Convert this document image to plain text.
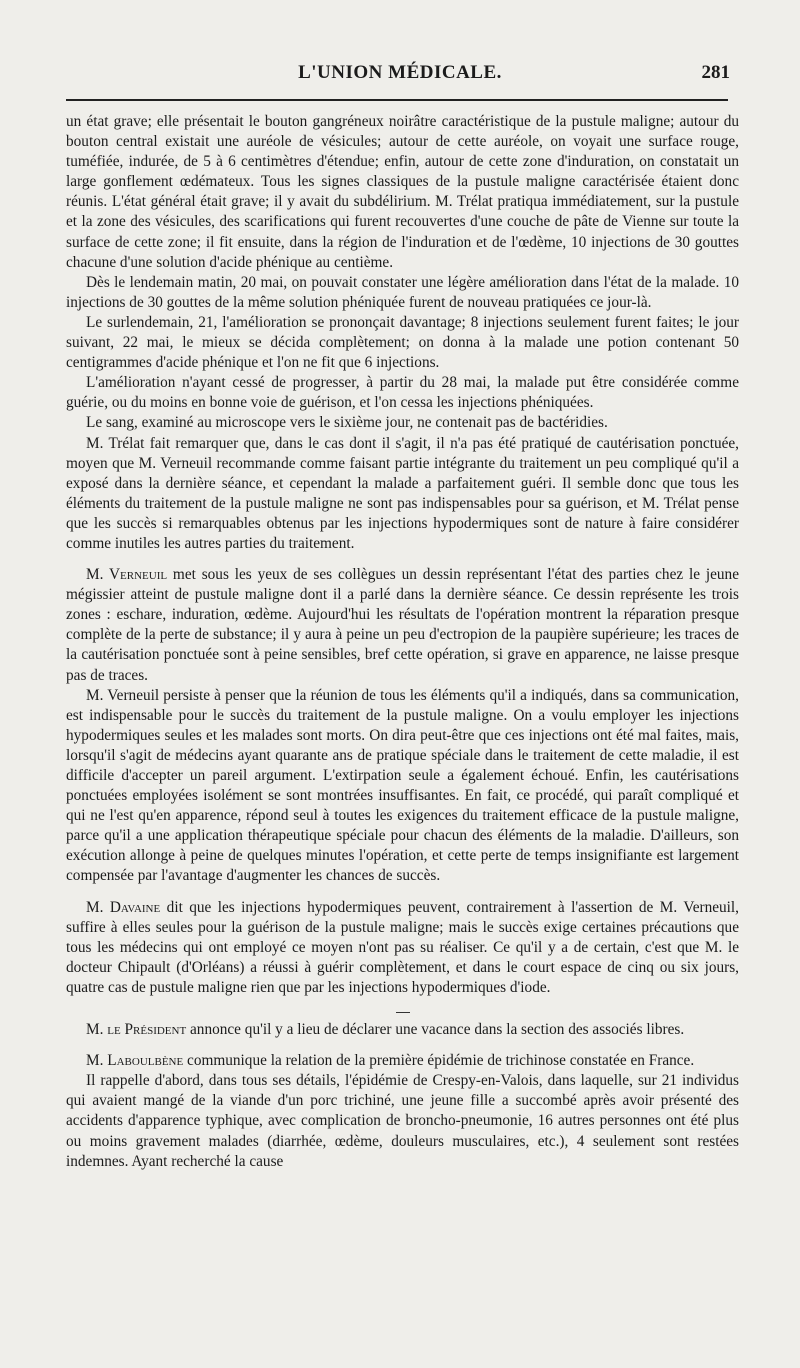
L'UNION MÉDICALE.	281

un état grave; elle présentait le bouton gangréneux noirâtre caractéristique de la pustule maligne; autour du bouton central existait une auréole de vésicules; autour de cette auréole, on voyait une surface rouge, tuméfiée, indurée, de 5 à 6 centimètres d'étendue; enfin, autour de cette zone d'induration, on constatait un large gonflement œdémateux. Tous les signes classiques de la pustule maligne caractérisée étaient donc réunis. L'état général était grave; il y avait du subdélirium. M. Trélat pratiqua immédiatement, sur la pustule et la zone des vésicules, des scarifications qui furent recouvertes d'une couche de pâte de Vienne sur toute la surface de cette zone; il fit ensuite, dans la région de l'induration et de l'œdème, 10 injections de 30 gouttes chacune d'une solution d'acide phénique au centième.

Dès le lendemain matin, 20 mai, on pouvait constater une légère amélioration dans l'état de la malade. 10 injections de 30 gouttes de la même solution phéniquée furent de nouveau pratiquées ce jour-là.

Le surlendemain, 21, l'amélioration se prononçait davantage; 8 injections seulement furent faites; le jour suivant, 22 mai, le mieux se décida complètement; on donna à la malade une potion contenant 50 centigrammes d'acide phénique et l'on ne fit que 6 injections.

L'amélioration n'ayant cessé de progresser, à partir du 28 mai, la malade put être considérée comme guérie, ou du moins en bonne voie de guérison, et l'on cessa les injections phéniquées.

Le sang, examiné au microscope vers le sixième jour, ne contenait pas de bactéridies.

M. Trélat fait remarquer que, dans le cas dont il s'agit, il n'a pas été pratiqué de cautérisation ponctuée, moyen que M. Verneuil recommande comme faisant partie intégrante du traitement un peu compliqué qu'il a exposé dans la dernière séance, et cependant la malade a parfaitement guéri. Il semble donc que tous les éléments du traitement de la pustule maligne ne sont pas indispensables pour sa guérison, et M. Trélat pense que les succès si remarquables obtenus par les injections hypodermiques sont de nature à faire considérer comme inutiles les autres parties du traitement.

M. Verneuil met sous les yeux de ses collègues un dessin représentant l'état des parties chez le jeune mégissier atteint de pustule maligne dont il a parlé dans la dernière séance. Ce dessin représente les trois zones : eschare, induration, œdème. Aujourd'hui les résultats de l'opération montrent la réparation presque complète de la perte de substance; il y aura à peine un peu d'ectropion de la paupière supérieure; les traces de la cautérisation ponctuée sont à peine sensibles, bref cette opération, si grave en apparence, ne laisse presque pas de traces.

M. Verneuil persiste à penser que la réunion de tous les éléments qu'il a indiqués, dans sa communication, est indispensable pour le succès du traitement de la pustule maligne. On a voulu employer les injections hypodermiques seules et les malades sont morts. On dira peut-être que ces injections ont été mal faites, mais, lorsqu'il s'agit de médecins ayant quarante ans de pratique spéciale dans le traitement de cette maladie, il est difficile d'accepter un pareil argument. L'extirpation seule a également échoué. Enfin, les cautérisations ponctuées employées isolément se sont montrées insuffisantes. En fait, ce procédé, qui paraît compliqué et qui ne l'est qu'en apparence, répond seul à toutes les exigences du traitement efficace de la pustule maligne, parce qu'il a une application thérapeutique spéciale pour chacun des éléments de la maladie. D'ailleurs, son exécution allonge à peine de quelques minutes l'opération, et cette perte de temps insignifiante est largement compensée par l'avantage d'augmenter les chances de succès.

M. Davaine dit que les injections hypodermiques peuvent, contrairement à l'assertion de M. Verneuil, suffire à elles seules pour la guérison de la pustule maligne; mais le succès exige certaines précautions que tous les médecins qui ont employé ce moyen n'ont pas su réaliser. Ce qu'il y a de certain, c'est que M. le docteur Chipault (d'Orléans) a réussi à guérir complètement, et dans le court espace de cinq ou six jours, quatre cas de pustule maligne rien que par les injections hypodermiques d'iode.

M. le Président annonce qu'il y a lieu de déclarer une vacance dans la section des associés libres.

M. Laboulbène communique la relation de la première épidémie de trichinose constatée en France.

Il rappelle d'abord, dans tous ses détails, l'épidémie de Crespy-en-Valois, dans laquelle, sur 21 individus qui avaient mangé de la viande d'un porc trichiné, une jeune fille a succombé après avoir présenté des accidents d'apparence typhique, avec complication de broncho-pneumonie, 16 autres personnes ont été plus ou moins gravement malades (diarrhée, œdème, douleurs musculaires, etc.), 4 seulement sont restées indemnes. Ayant recherché la cause
